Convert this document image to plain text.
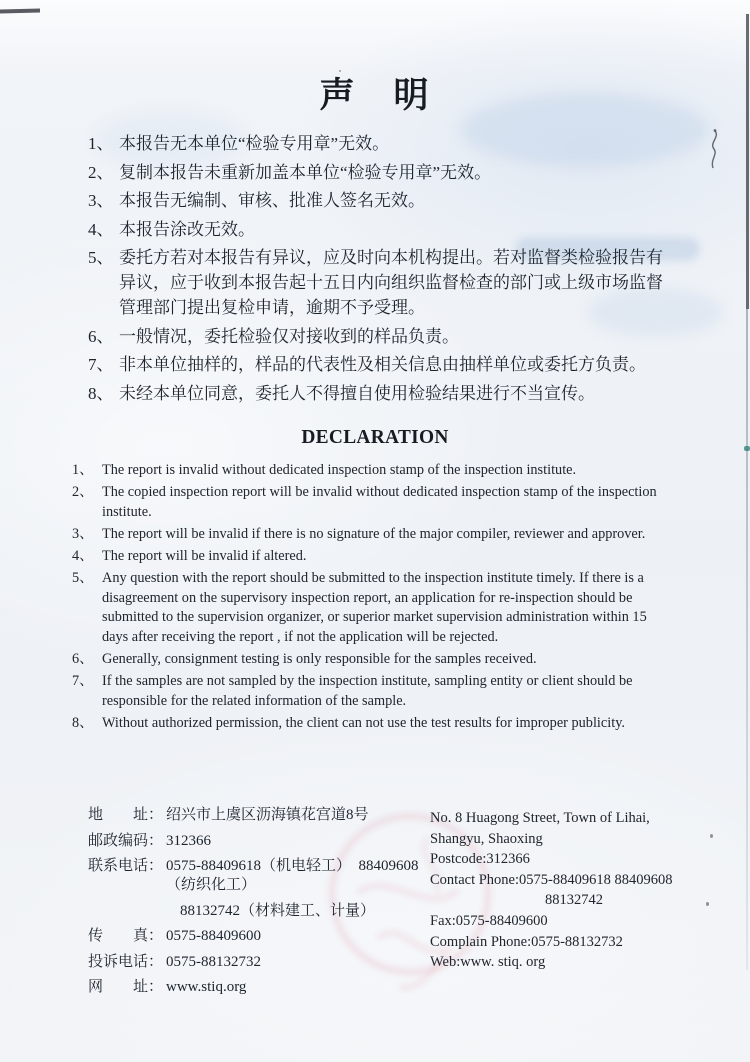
声　明
1、 本报告无本单位“检验专用章”无效。
2、 复制本报告未重新加盖本单位“检验专用章”无效。
3、 本报告无编制、审核、批准人签名无效。
4、 本报告涂改无效。
5、 委托方若对本报告有异议，应及时向本机构提出。若对监督类检验报告有异议，应于收到本报告起十五日内向组织监督检查的部门或上级市场监督管理部门提出复检申请，逾期不予受理。
6、 一般情况，委托检验仅对接收到的样品负责。
7、 非本单位抽样的，样品的代表性及相关信息由抽样单位或委托方负责。
8、 未经本单位同意，委托人不得擅自使用检验结果进行不当宣传。
DECLARATION
1、 The report is invalid without dedicated inspection stamp of the inspection institute.
2、 The copied inspection report will be invalid without dedicated inspection stamp of the inspection institute.
3、 The report will be invalid if there is no signature of the major compiler, reviewer and approver.
4、 The report will be invalid if altered.
5、 Any question with the report should be submitted to the inspection institute timely. If there is a disagreement on the supervisory inspection report, an application for re-inspection should be submitted to the supervision organizer, or superior market supervision administration within 15 days after receiving the report , if not the application will be rejected.
6、 Generally, consignment testing is only responsible for the samples received.
7、 If the samples are not sampled by the inspection institute, sampling entity or client should be responsible for the related information of the sample.
8、 Without authorized permission, the client can not use the test results for improper publicity.
地　　址： 绍兴市上虞区沥海镇花宫道8号
邮政编码： 312366
联系电话： 0575-88409618（机电轻工）　88409608（纺织化工）
88132742（材料建工、计量）
传　　真： 0575-88409600
投诉电话： 0575-88132732
网　　址： www.stiq.org
No. 8 Huagong Street, Town of Lihai,
Shangyu, Shaoxing
Postcode:312366
Contact Phone:0575-88409618 88409608
88132742
Fax:0575-88409600
Complain Phone:0575-88132732
Web:www. stiq. org
